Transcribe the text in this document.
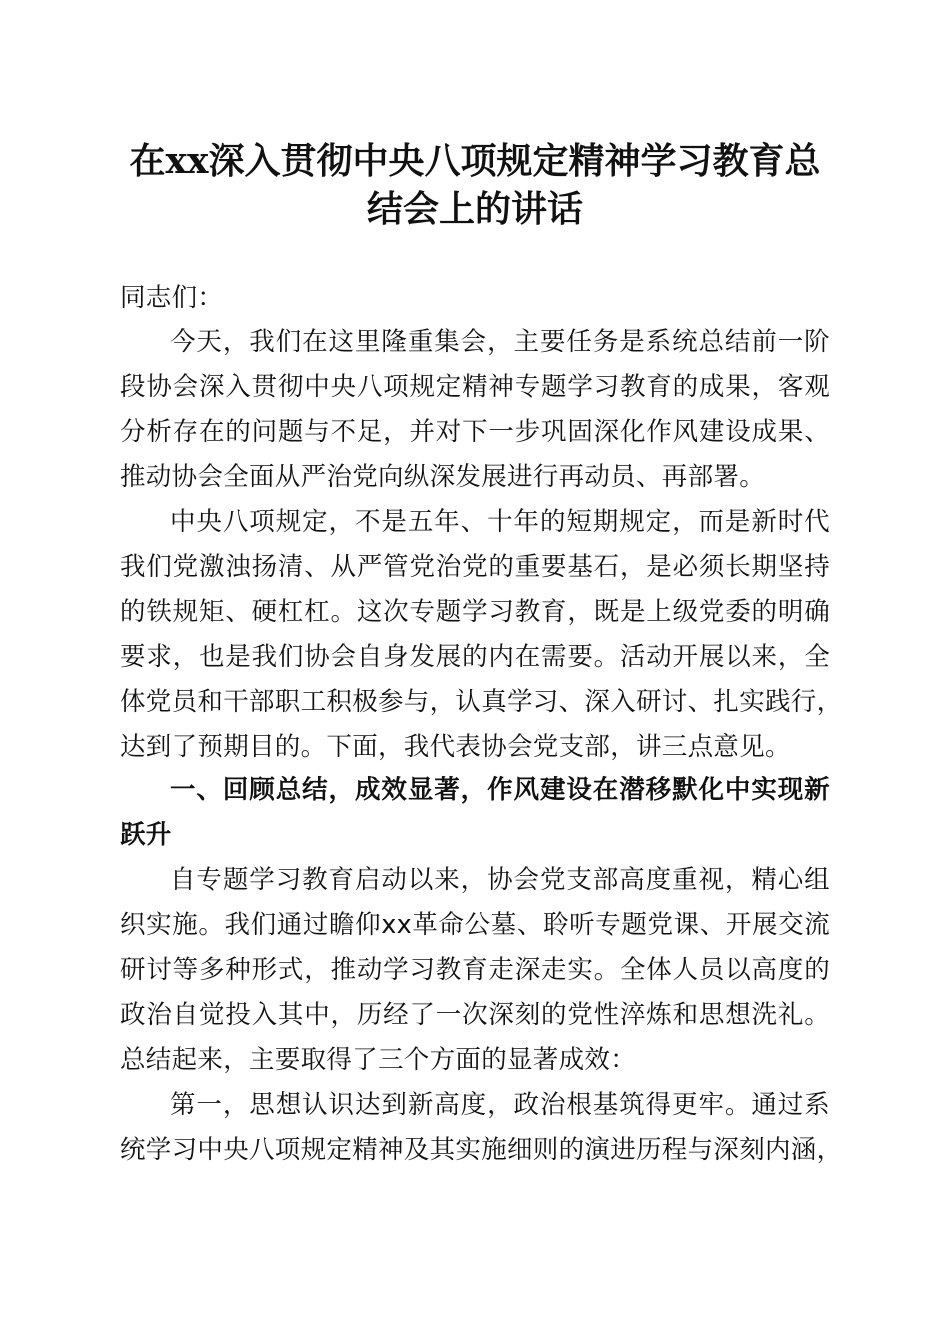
在xx深入贯彻中央八项规定精神学习教育总
结会上的讲话
同志们：
今天，我们在这里隆重集会，主要任务是系统总结前一阶
段协会深入贯彻中央八项规定精神专题学习教育的成果，客观
分析存在的问题与不足，并对下一步巩固深化作风建设成果、
推动协会全面从严治党向纵深发展进行再动员、再部署。
中央八项规定，不是五年、十年的短期规定，而是新时代
我们党激浊扬清、从严管党治党的重要基石，是必须长期坚持
的铁规矩、硬杠杠。这次专题学习教育，既是上级党委的明确
要求，也是我们协会自身发展的内在需要。活动开展以来，全
体党员和干部职工积极参与，认真学习、深入研讨、扎实践行，
达到了预期目的。下面，我代表协会党支部，讲三点意见。
一、回顾总结，成效显著，作风建设在潜移默化中实现新
跃升
自专题学习教育启动以来，协会党支部高度重视，精心组
织实施。我们通过瞻仰xx革命公墓、聆听专题党课、开展交流
研讨等多种形式，推动学习教育走深走实。全体人员以高度的
政治自觉投入其中，历经了一次深刻的党性淬炼和思想洗礼。
总结起来，主要取得了三个方面的显著成效：
第一，思想认识达到新高度，政治根基筑得更牢。通过系
统学习中央八项规定精神及其实施细则的演进历程与深刻内涵，
